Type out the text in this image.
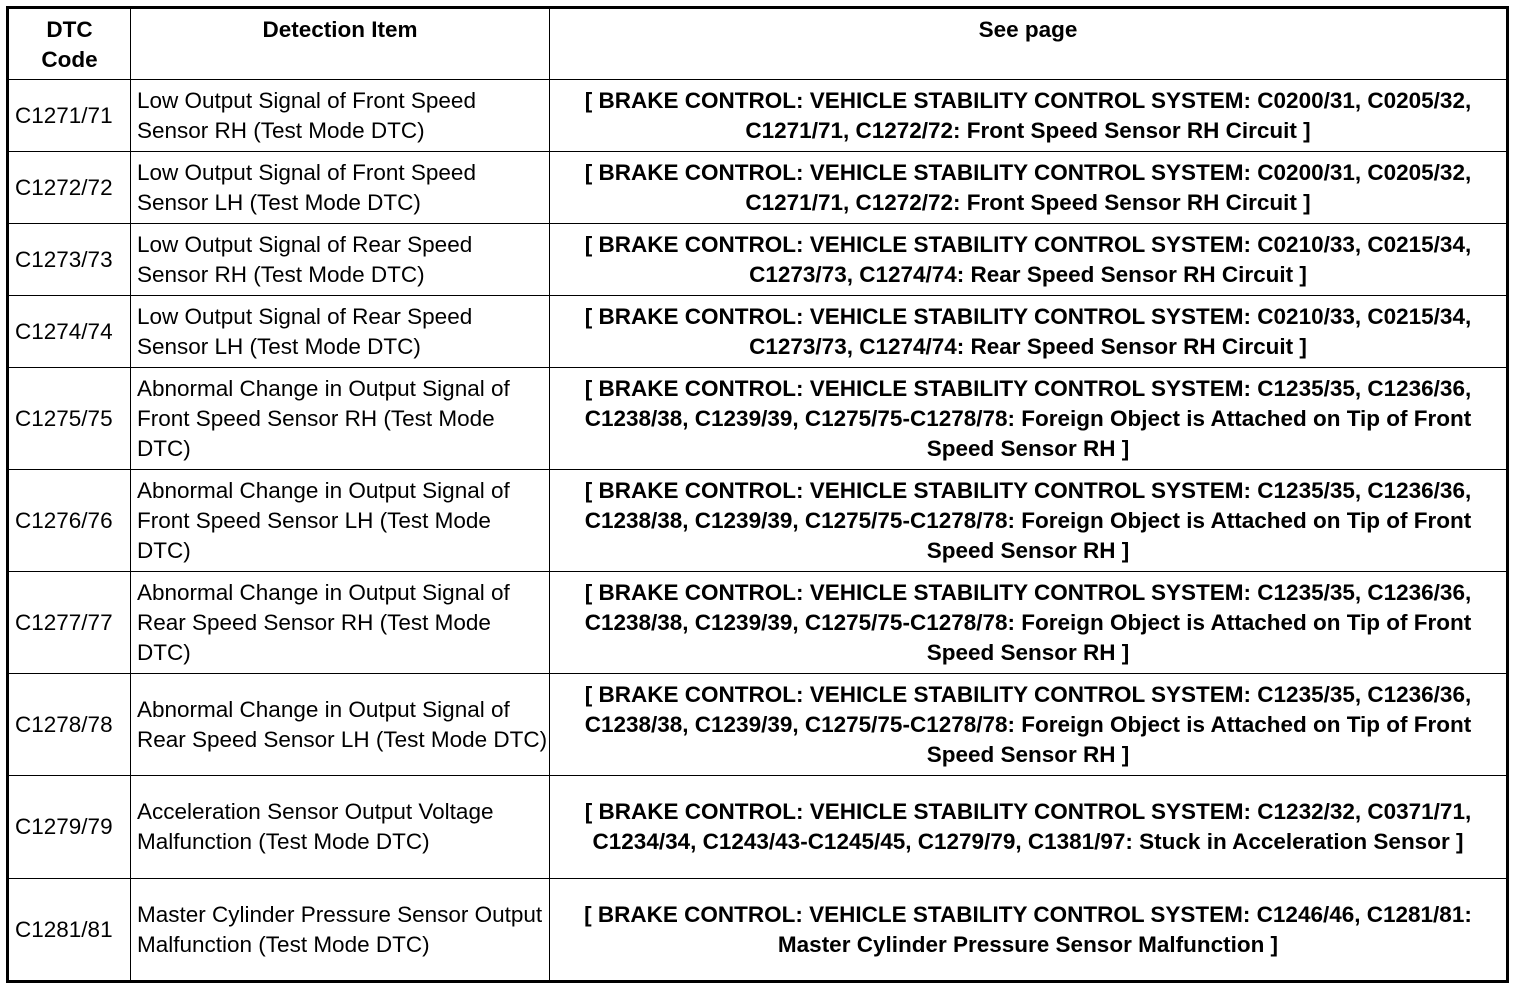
DTC Code	Detection Item	See page
C1271/71	Low Output Signal of Front Speed Sensor RH (Test Mode DTC)	[ BRAKE CONTROL: VEHICLE STABILITY CONTROL SYSTEM: C0200/31, C0205/32, C1271/71, C1272/72: Front Speed Sensor RH Circuit ]
C1272/72	Low Output Signal of Front Speed Sensor LH (Test Mode DTC)	[ BRAKE CONTROL: VEHICLE STABILITY CONTROL SYSTEM: C0200/31, C0205/32, C1271/71, C1272/72: Front Speed Sensor RH Circuit ]
C1273/73	Low Output Signal of Rear Speed Sensor RH (Test Mode DTC)	[ BRAKE CONTROL: VEHICLE STABILITY CONTROL SYSTEM: C0210/33, C0215/34, C1273/73, C1274/74: Rear Speed Sensor RH Circuit ]
C1274/74	Low Output Signal of Rear Speed Sensor LH (Test Mode DTC)	[ BRAKE CONTROL: VEHICLE STABILITY CONTROL SYSTEM: C0210/33, C0215/34, C1273/73, C1274/74: Rear Speed Sensor RH Circuit ]
C1275/75	Abnormal Change in Output Signal of Front Speed Sensor RH (Test Mode DTC)	[ BRAKE CONTROL: VEHICLE STABILITY CONTROL SYSTEM: C1235/35, C1236/36, C1238/38, C1239/39, C1275/75-C1278/78: Foreign Object is Attached on Tip of Front Speed Sensor RH ]
C1276/76	Abnormal Change in Output Signal of Front Speed Sensor LH (Test Mode DTC)	[ BRAKE CONTROL: VEHICLE STABILITY CONTROL SYSTEM: C1235/35, C1236/36, C1238/38, C1239/39, C1275/75-C1278/78: Foreign Object is Attached on Tip of Front Speed Sensor RH ]
C1277/77	Abnormal Change in Output Signal of Rear Speed Sensor RH (Test Mode DTC)	[ BRAKE CONTROL: VEHICLE STABILITY CONTROL SYSTEM: C1235/35, C1236/36, C1238/38, C1239/39, C1275/75-C1278/78: Foreign Object is Attached on Tip of Front Speed Sensor RH ]
C1278/78	Abnormal Change in Output Signal of Rear Speed Sensor LH (Test Mode DTC)	[ BRAKE CONTROL: VEHICLE STABILITY CONTROL SYSTEM: C1235/35, C1236/36, C1238/38, C1239/39, C1275/75-C1278/78: Foreign Object is Attached on Tip of Front Speed Sensor RH ]
C1279/79	Acceleration Sensor Output Voltage Malfunction (Test Mode DTC)	[ BRAKE CONTROL: VEHICLE STABILITY CONTROL SYSTEM: C1232/32, C0371/71, C1234/34, C1243/43-C1245/45, C1279/79, C1381/97: Stuck in Acceleration Sensor ]
C1281/81	Master Cylinder Pressure Sensor Output Malfunction (Test Mode DTC)	[ BRAKE CONTROL: VEHICLE STABILITY CONTROL SYSTEM: C1246/46, C1281/81: Master Cylinder Pressure Sensor Malfunction ]
